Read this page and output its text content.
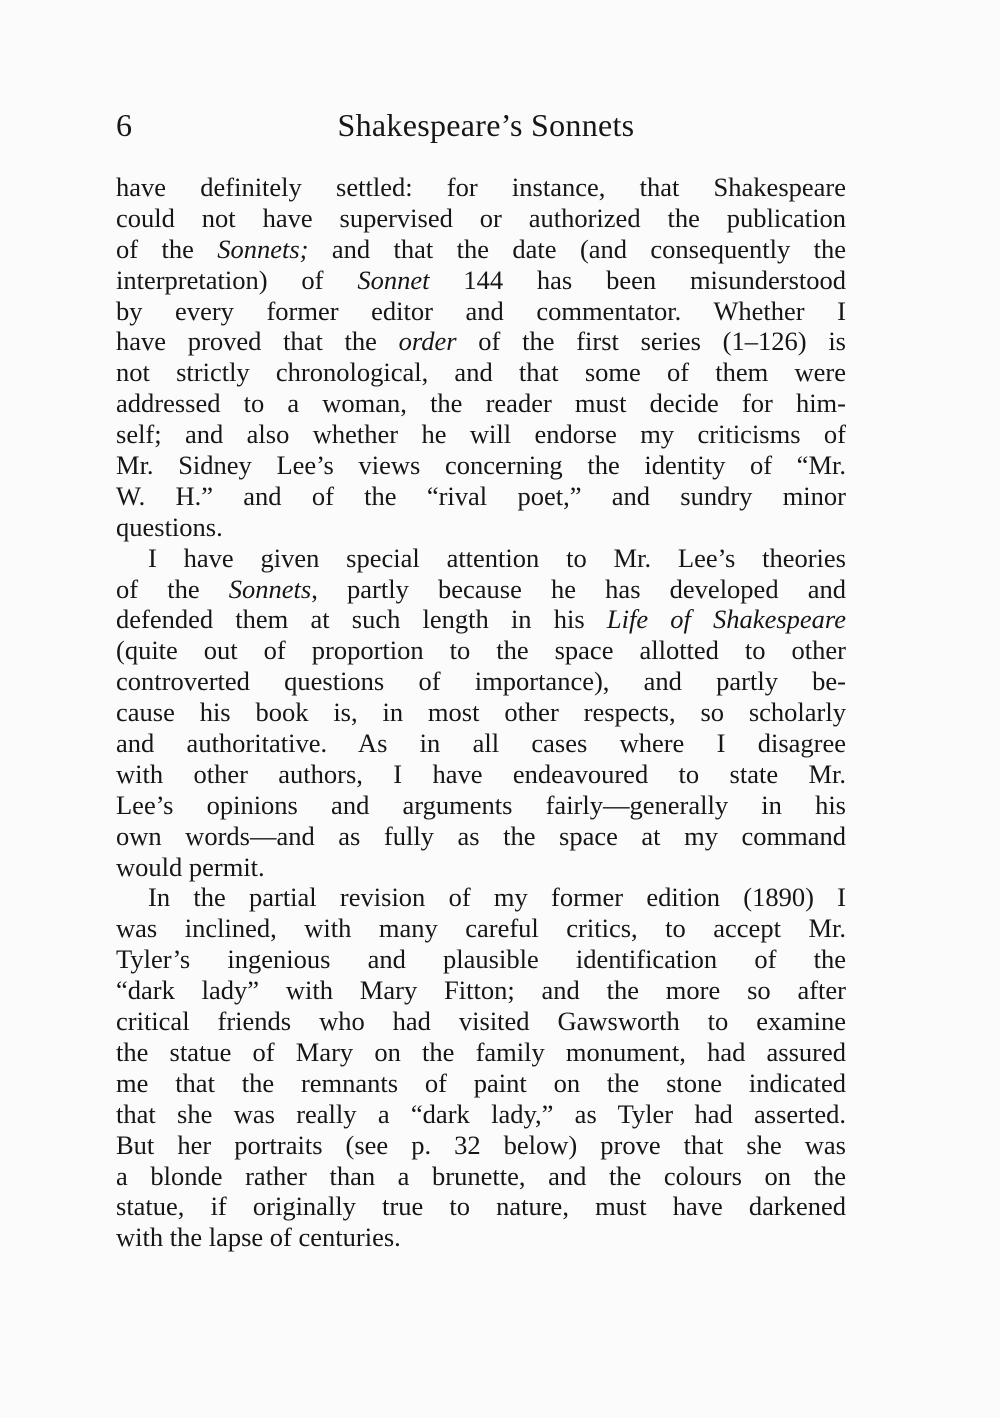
6	Shakespeare’s Sonnets
have definitely settled: for instance, that Shakespeare
could not have supervised or authorized the publication
of the Sonnets; and that the date (and consequently the
interpretation) of Sonnet 144 has been misunderstood
by every former editor and commentator. Whether I
have proved that the order of the first series (1–126) is
not strictly chronological, and that some of them were
addressed to a woman, the reader must decide for him-
self; and also whether he will endorse my criticisms of
Mr. Sidney Lee’s views concerning the identity of “Mr.
W. H.” and of the “rival poet,” and sundry minor
questions.
I have given special attention to Mr. Lee’s theories
of the Sonnets, partly because he has developed and
defended them at such length in his Life of Shakespeare
(quite out of proportion to the space allotted to other
controverted questions of importance), and partly be-
cause his book is, in most other respects, so scholarly
and authoritative. As in all cases where I disagree
with other authors, I have endeavoured to state Mr.
Lee’s opinions and arguments fairly—generally in his
own words—and as fully as the space at my command
would permit.
In the partial revision of my former edition (1890) I
was inclined, with many careful critics, to accept Mr.
Tyler’s ingenious and plausible identification of the
“dark lady” with Mary Fitton; and the more so after
critical friends who had visited Gawsworth to examine
the statue of Mary on the family monument, had assured
me that the remnants of paint on the stone indicated
that she was really a “dark lady,” as Tyler had asserted.
But her portraits (see p. 32 below) prove that she was
a blonde rather than a brunette, and the colours on the
statue, if originally true to nature, must have darkened
with the lapse of centuries.
